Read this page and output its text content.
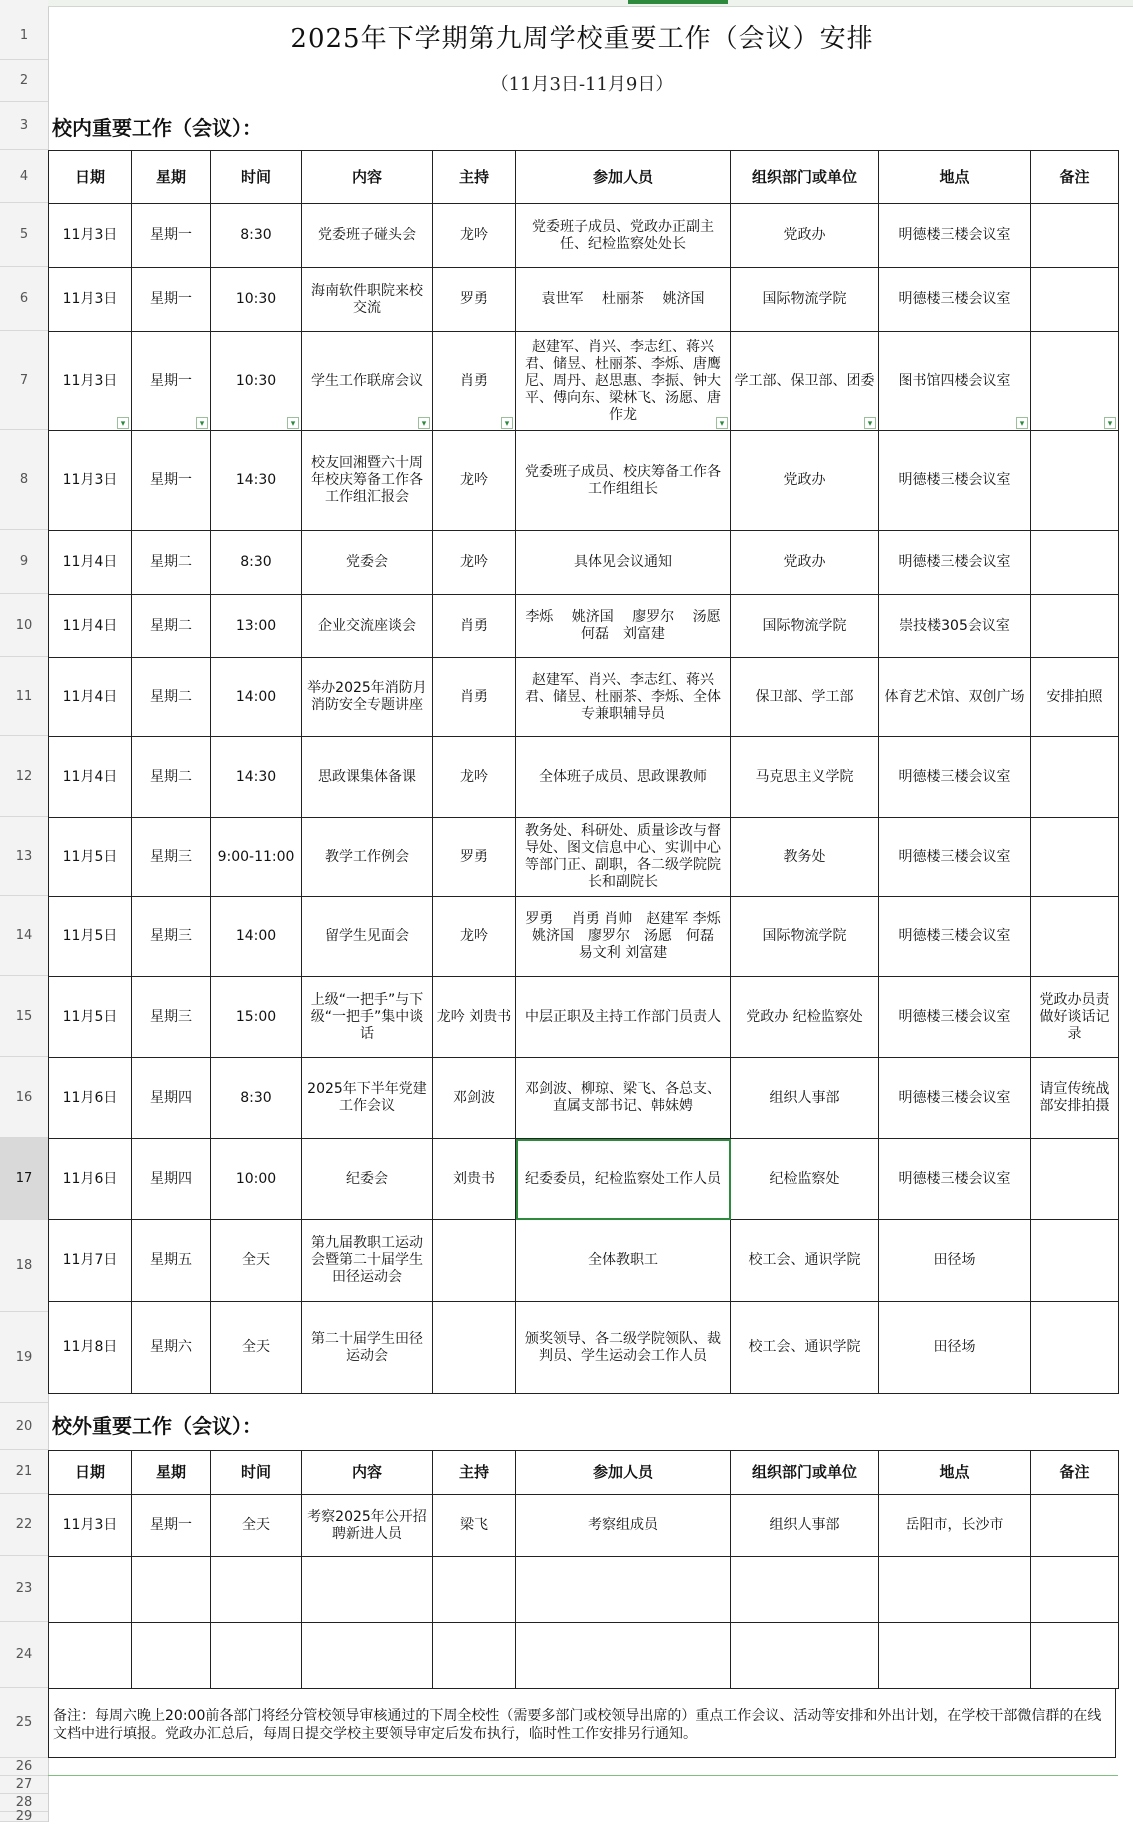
1
2
3
4
5
6
7
8
9
10
11
12
13
14
15
16
17
18
19
20
21
22
23
24
25
26
27
28
29
2025年下学期第九周学校重要工作（会议）安排
（11月3日-11月9日）
校内重要工作（会议）：
日期	星期	时间	内容	主持	参加人员	组织部门或单位	地点	备注
11月3日	星期一	8:30	党委班子碰头会	龙吟	党委班子成员、党政办正副主任、纪检监察处处长	党政办	明德楼三楼会议室	
11月3日	星期一	10:30	海南软件职院来校交流	罗勇	袁世军　 杜丽茶　 姚济国	国际物流学院	明德楼三楼会议室	
11月3日 ▾	星期一 ▾	10:30 ▾	学生工作联席会议 ▾	肖勇 ▾	赵建军、肖兴、李志红、蒋兴君、储昱、杜丽茶、李烁、唐鹰尼、周丹、赵思惠、李振、钟大平、傅向东、梁林飞、汤愿、唐作龙 ▾	学工部、保卫部、团委 ▾	图书馆四楼会议室 ▾	▾
11月3日	星期一	14:30	校友回湘暨六十周年校庆筹备工作各工作组汇报会	龙吟	党委班子成员、校庆筹备工作各工作组组长	党政办	明德楼三楼会议室	
11月4日	星期二	8:30	党委会	龙吟	具体见会议通知	党政办	明德楼三楼会议室	
11月4日	星期二	13:00	企业交流座谈会	肖勇	李烁　 姚济国　 廖罗尔　 汤愿　 何磊　刘富建	国际物流学院	崇技楼305会议室	
11月4日	星期二	14:00	举办2025年消防月消防安全专题讲座	肖勇	赵建军、肖兴、李志红、蒋兴君、储昱、杜丽茶、李烁、全体专兼职辅导员	保卫部、学工部	体育艺术馆、双创广场	安排拍照
11月4日	星期二	14:30	思政课集体备课	龙吟	全体班子成员、思政课教师	马克思主义学院	明德楼三楼会议室	
11月5日	星期三	9:00-11:00	教学工作例会	罗勇	教务处、科研处、质量诊改与督导处、图文信息中心、实训中心等部门正、副职，各二级学院院长和副院长	教务处	明德楼三楼会议室	
11月5日	星期三	14:00	留学生见面会	龙吟	罗勇　 肖勇 肖帅　赵建军 李烁　姚济国　廖罗尔　汤愿　何磊　 易文利 刘富建	国际物流学院	明德楼三楼会议室	
11月5日	星期三	15:00	上级“一把手”与下级“一把手”集中谈话	龙吟 刘贵书	中层正职及主持工作部门员责人	党政办 纪检监察处	明德楼三楼会议室	党政办员责做好谈话记录
11月6日	星期四	8:30	2025年下半年党建工作会议	邓剑波	邓剑波、柳琼、梁飞、各总支、直属支部书记、韩妹娉	组织人事部	明德楼三楼会议室	请宣传统战部安排拍摄
11月6日	星期四	10:00	纪委会	刘贵书	纪委委员，纪检监察处工作人员	纪检监察处	明德楼三楼会议室	
11月7日	星期五	全天	第九届教职工运动会暨第二十届学生田径运动会		全体教职工	校工会、通识学院	田径场	
11月8日	星期六	全天	第二十届学生田径运动会		颁奖领导、各二级学院领队、裁判员、学生运动会工作人员	校工会、通识学院	田径场	
校外重要工作（会议）：
日期	星期	时间	内容	主持	参加人员	组织部门或单位	地点	备注
11月3日	星期一	全天	考察2025年公开招聘新进人员	梁飞	考察组成员	组织人事部	岳阳市，长沙市	

备注：每周六晚上20:00前各部门将经分管校领导审核通过的下周全校性（需要多部门或校领导出席的）重点工作会议、活动等安排和外出计划，在学校干部微信群的在线文档中进行填报。党政办汇总后，每周日提交学校主要领导审定后发布执行，临时性工作安排另行通知。
